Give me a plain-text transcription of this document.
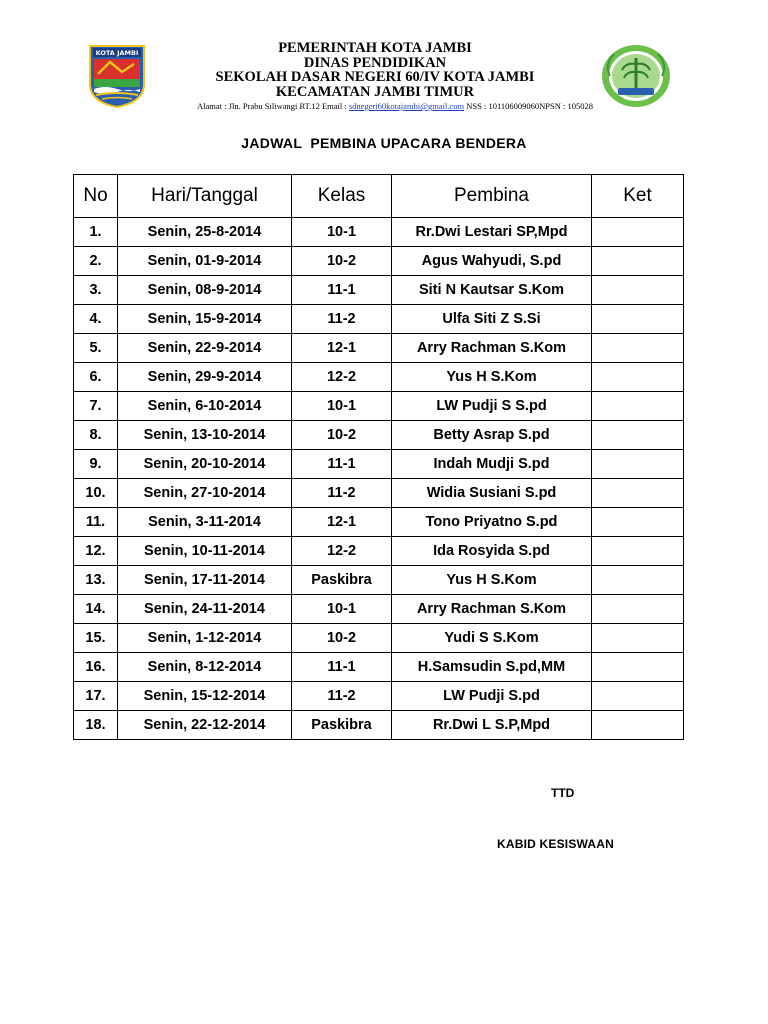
KOTA JAMBI	PEMERINTAH KOTA JAMBI
DINAS PENDIDIKAN
SEKOLAH DASAR NEGERI 60/IV KOTA JAMBI
KECAMATAN JAMBI TIMUR
Alamat : Jln. Prabu Siliwangi RT.12 Email : sdnegeri60kotajambi@gmail.com NSS : 101106009060NPSN : 105028
JADWAL  PEMBINA UPACARA BENDERA
No	Hari/Tanggal	Kelas	Pembina	Ket
1.	Senin, 25-8-2014	10-1	Rr.Dwi Lestari SP,Mpd	
2.	Senin, 01-9-2014	10-2	Agus Wahyudi, S.pd	
3.	Senin, 08-9-2014	11-1	Siti N Kautsar S.Kom	
4.	Senin, 15-9-2014	11-2	Ulfa Siti Z S.Si	
5.	Senin, 22-9-2014	12-1	Arry Rachman S.Kom	
6.	Senin, 29-9-2014	12-2	Yus H S.Kom	
7.	Senin, 6-10-2014	10-1	LW Pudji S S.pd	
8.	Senin, 13-10-2014	10-2	Betty Asrap S.pd	
9.	Senin, 20-10-2014	11-1	Indah Mudji S.pd	
10.	Senin, 27-10-2014	11-2	Widia Susiani S.pd	
11.	Senin, 3-11-2014	12-1	Tono Priyatno S.pd	
12.	Senin, 10-11-2014	12-2	Ida Rosyida S.pd	
13.	Senin, 17-11-2014	Paskibra	Yus H S.Kom	
14.	Senin, 24-11-2014	10-1	Arry Rachman S.Kom	
15.	Senin, 1-12-2014	10-2	Yudi S S.Kom	
16.	Senin, 8-12-2014	11-1	H.Samsudin S.pd,MM	
17.	Senin, 15-12-2014	11-2	LW Pudji S.pd	
18.	Senin, 22-12-2014	Paskibra	Rr.Dwi L S.P,Mpd	
TTD
KABID KESISWAAN
